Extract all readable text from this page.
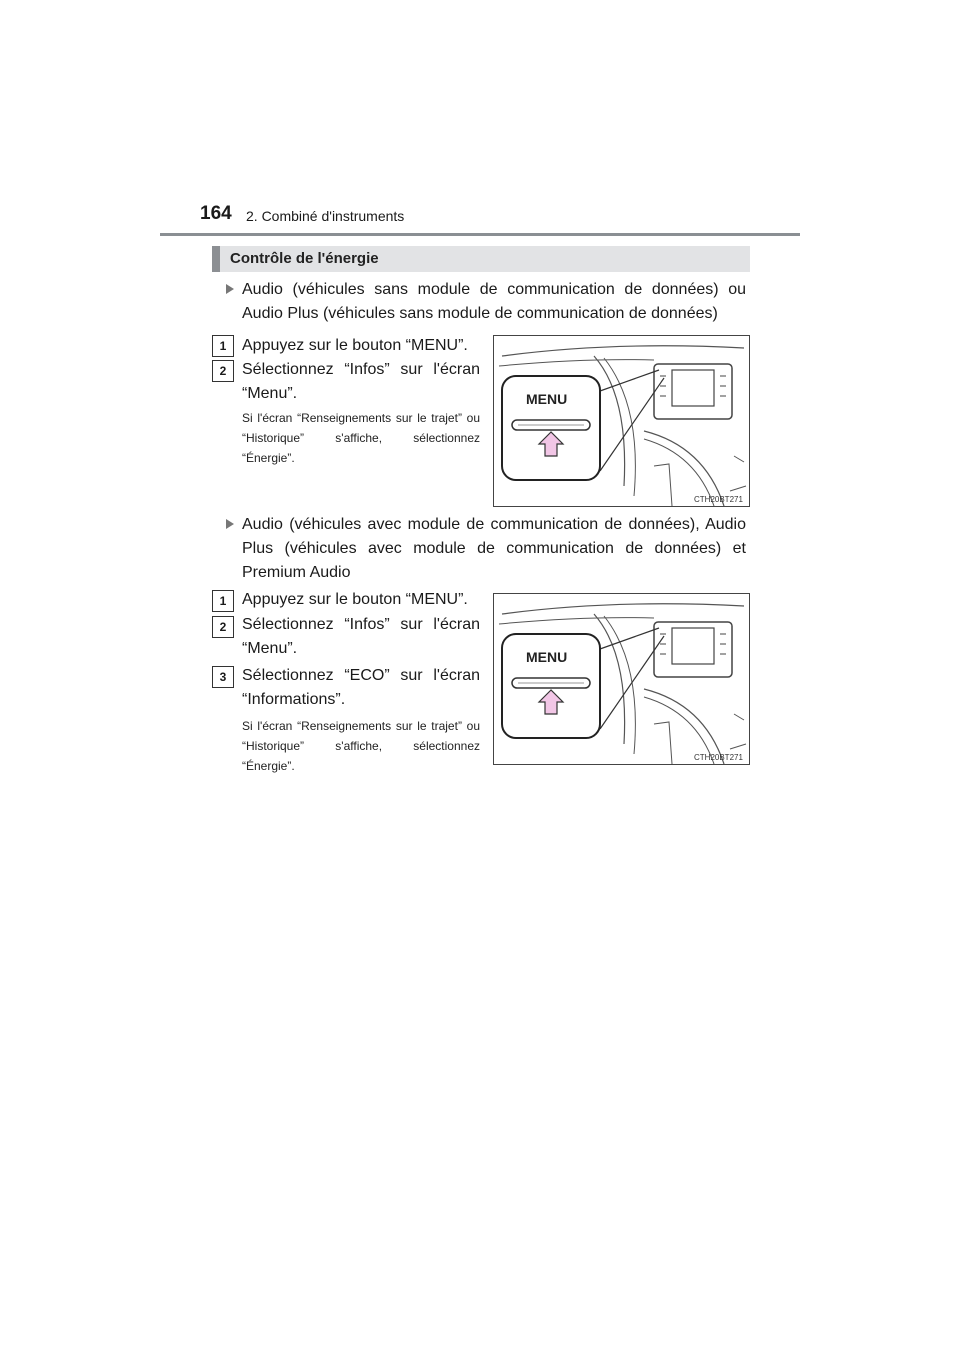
164 2. Combiné d'instruments
Contrôle de l'énergie

Audio (véhicules sans module de communication de données) ou Audio Plus (véhicules sans module de communication de données)

1 Appuyez sur le bouton “MENU”.
2 Sélectionnez “Infos” sur l'écran “Menu”.
Si l'écran “Renseignements sur le trajet” ou “Historique” s'affiche, sélectionnez “Énergie”.
MENU
CTH20BT271

Audio (véhicules avec module de communication de données), Audio Plus (véhicules avec module de communication de données) et Premium Audio

1 Appuyez sur le bouton “MENU”.
2 Sélectionnez “Infos” sur l'écran “Menu”.
3 Sélectionnez “ECO” sur l'écran “Informations”.
Si l'écran “Renseignements sur le trajet” ou “Historique” s'affiche, sélectionnez “Énergie”.
MENU
CTH20BT271
